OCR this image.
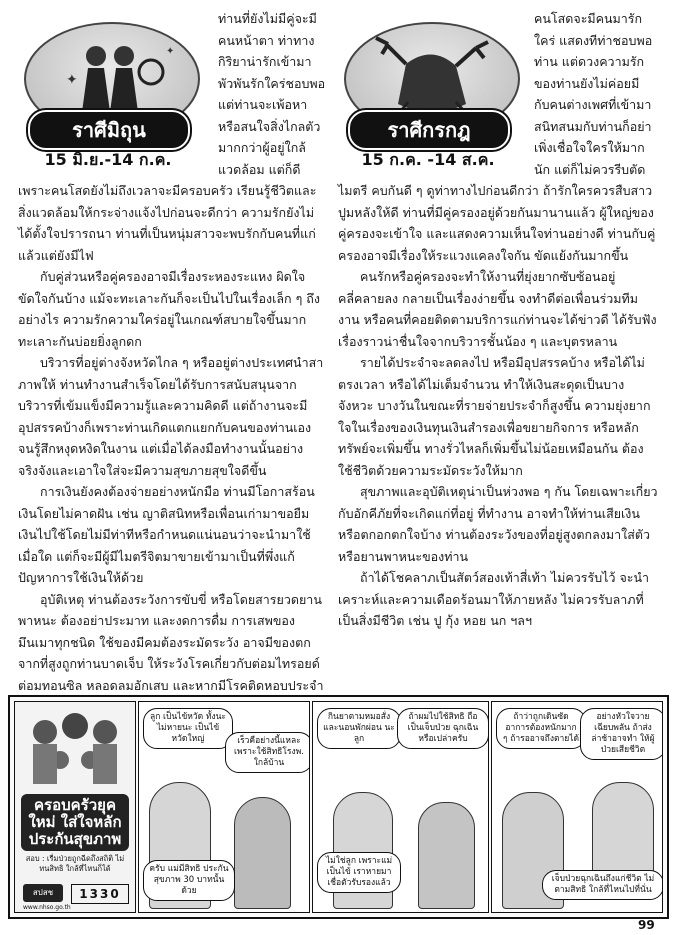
✦
✦
ราศีมิถุน
15 มิ.ย.-14 ก.ค.
ราศีกรกฎ
15 ก.ค. -14 ส.ค.

ท่านที่ยังไม่มีคู่จะมีคนหน้าตา ท่าทางกิริยาน่ารักเข้ามาพัวพันรักใคร่ชอบพอ แต่ท่านจะเพ้อหาหรือสนใจสิ่งไกลตัวมากกว่าผู้อยู่ใกล้แวดล้อม แต่ก็ดีเพราะคนโสดยังไม่ถึงเวลาจะมีครอบครัว เรียนรู้ชีวิตและสิ่งแวดล้อมให้กระจ่างแจ้งไปก่อนจะดีกว่า ความรักยังไม่ได้ตั้งใจปรารถนา ท่านที่เป็นหนุ่มสาวจะพบรักกับคนที่แก่แล้วแต่ยังมีไฟ

กับคู่ส่วนหรือคู่ครองอาจมีเรื่องระหองระแหง ผิดใจ ขัดใจกันบ้าง แม้จะทะเลาะกันก็จะเป็นไปในเรื่องเล็ก ๆ ถึงอย่างไร ความรักความใคร่อยู่ในเกณฑ์สบายใจขึ้นมาก ทะเลาะกันบ่อยยิ่งลูกดก

บริวารที่อยู่ต่างจังหวัดไกล ๆ หรืออยู่ต่างประเทศนำสาภาพให้ ท่านทำงานสำเร็จโดยได้รับการสนับสนุนจากบริวารที่เข้มแข็งมีความรู้และความคิดดี แต่ถ้างานจะมีอุปสรรคบ้างก็เพราะท่านเกิดแตกแยกกับคนของท่านเองจนรู้สึกหงุดหงิดในงาน แต่เมื่อได้ลงมือทำงานนั้นอย่างจริงจังและเอาใจใส่จะมีความสุขภายสุขใจดีขึ้น

การเงินยังคงต้องจ่ายอย่างหนักมือ ท่านมีโอกาสร้อนเงินโดยไม่คาดฝัน เช่น ญาติสนิทหรือเพื่อนเก่ามาขอยืมเงินไปใช้โดยไม่มีท่าทีหรือกำหนดแน่นอนว่าจะนำมาใช้เมื่อใด แต่ก็จะมีผู้มีไมตรีจิตมาขายเข้ามาเป็นที่พึ่งแก้ปัญหาการใช้เงินให้ด้วย

อุบัติเหตุ ท่านต้องระวังการขับขี่ หรือโดยสารยวดยานพาหนะ ต้องอย่าประมาท และงดการดื่ม การเสพของมึนเมาทุกชนิด ใช้ของมีคมต้องระมัดระวัง อาจมีของตกจากที่สูงถูกท่านบาดเจ็บ ให้ระวังโรคเกี่ยวกับต่อมไทรอยด์ ต่อมทอนซิล หลอดลมอักเสบ และหากมีโรคติดหอบประจำ

คนโสดจะมีคนมารักใคร่ แสดงทีท่าชอบพอท่าน แต่ดวงความรักของท่านยังไม่ค่อยมี กับคนต่างเพศที่เข้ามาสนิทสนมกับท่านก็อย่าเพิ่งเชื่อใจใครให้มากนัก แต่ก็ไม่ควรรีบตัดไมตรี คบกันดี ๆ ดูท่าทางไปก่อนดีกว่า ถ้ารักใครควรสืบสาวปูมหลังให้ดี ท่านที่มีคู่ครองอยู่ด้วยกันมานานแล้ว ผู้ใหญ่ของคู่ครองจะเข้าใจ และแสดงความเห็นใจท่านอย่างดี ท่านกับคู่ครองอาจมีเรื่องให้ระแวงแคลงใจกัน ขัดแย้งกันมากขึ้น

คนรักหรือคู่ครองจะทำให้งานที่ยุ่งยากซับซ้อนอยู่คลี่คลายลง กลายเป็นเรื่องง่ายขึ้น จงทำดีต่อเพื่อนร่วมทีมงาน หรือคนที่คอยติดตามบริการแก่ท่านจะได้ข่าวดี ได้รับฟังเรื่องราวน่าชื่นใจจากบริวารชั้นน้อง ๆ และบุตรหลาน

รายได้ประจำจะลดลงไป หรือมีอุปสรรคบ้าง หรือได้ไม่ตรงเวลา หรือได้ไม่เต็มจำนวน ทำให้เงินสะดุดเป็นบางจังหวะ บางวันในขณะที่รายจ่ายประจำก็สูงขึ้น ความยุ่งยากใจในเรื่องของเงินทุนเงินสำรองเพื่อขยายกิจการ หรือหลักทรัพย์จะเพิ่มขึ้น ทางรั่วไหลก็เพิ่มขึ้นไม่น้อยเหมือนกัน ต้องใช้ชีวิตด้วยความระมัดระวังให้มาก

สุขภาพและอุบัติเหตุน่าเป็นห่วงพอ ๆ กัน โดยเฉพาะเกี่ยวกับอักคีภัยที่จะเกิดแก่ที่อยู่ ที่ทำงาน อาจทำให้ท่านเสียเงิน หรือตกอกตกใจบ้าง ท่านต้องระวังของที่อยู่สูงตกลงมาใส่ตัว หรือยานพาหนะของท่าน

ถ้าได้โชคลาภเป็นสัตว์สองเท้าสี่เท้า ไม่ควรรับไว้ จะนำเคราะห์และความเดือดร้อนมาให้ภายหลัง ไม่ควรรับลาภที่เป็นสิ่งมีชีวิต เช่น ปู กุ้ง หอย นก ฯลฯ

ครอบครัวยุคใหม่ ใส่ใจหลัก ประกันสุขภาพ
สอบ : เรื่มป่วยถูกฉีดถึงสถิติ ไม่ทนสิทธิ ใกล้ที่ไหนก็ได้
สปสช	1330
www.nhso.go.th
ลูก เป็นไข้หวัด ทั้งนะ ไม่หายนะ เป็นไข้หวัดใหญ่	เร็วคือย่างนี้แหละ เพราะใช้สิทธิโรงพ. ใกล้บ้าน
ครับ แม่มีสิทธิ ประกันสุขภาพ 30 บาทนั้นด้วย
กินยาตามหมอสั่ง และนอนพักผ่อน นะลูก
ไม่ใช่ลูก เพราะแม่เป็นไข้ เราหายมา เชื่อตัวรับรองแล้ว
ถ้าผมไปใช้สิทธิ ถือเป็นเจ็บป่วย ฉุกเฉินหรือเปล่าครับ
ถ้าว่าถูกเดินซัด อาการต้องหนักมาก ๆ ถ้ารออาจถึงตายได้
อย่างหัวใจวาย เฉียบพลัน ถ้าส่งล่าช้าอาจทำ ให้ผู้ป่วยเสียชีวิต
เจ็บป่วยฉุกเฉินถึงแก่ชีวิต ไม่ตามสิทธิ ใกล้ที่ไหนไปที่นั่น
99
